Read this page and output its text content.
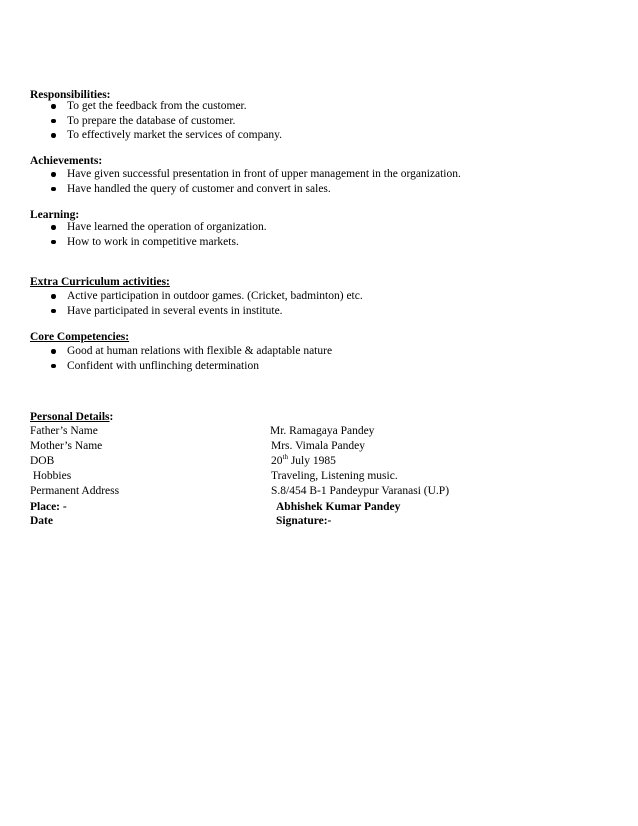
Responsibilities:
To get the feedback from the customer.
To prepare the database of customer.
To effectively market the services of company.
Achievements:
Have given successful presentation in front of upper management in the organization.
Have handled the query of customer and convert in sales.
Learning:
Have learned the operation of organization.
How to work in competitive markets.
Extra Curriculum activities:
Active participation in outdoor games. (Cricket, badminton) etc.
Have participated in several events in institute.
Core Competencies:
Good at human relations with flexible & adaptable nature
Confident with unflinching determination
Personal Details:
Father’s Name	Mr. Ramagaya Pandey
Mother’s Name	Mrs. Vimala Pandey
DOB	20th July 1985
Hobbies	Traveling, Listening music.
Permanent Address	S.8/454 B-1 Pandeypur Varanasi (U.P)
Place: -	Abhishek Kumar Pandey
Date	Signature:-
